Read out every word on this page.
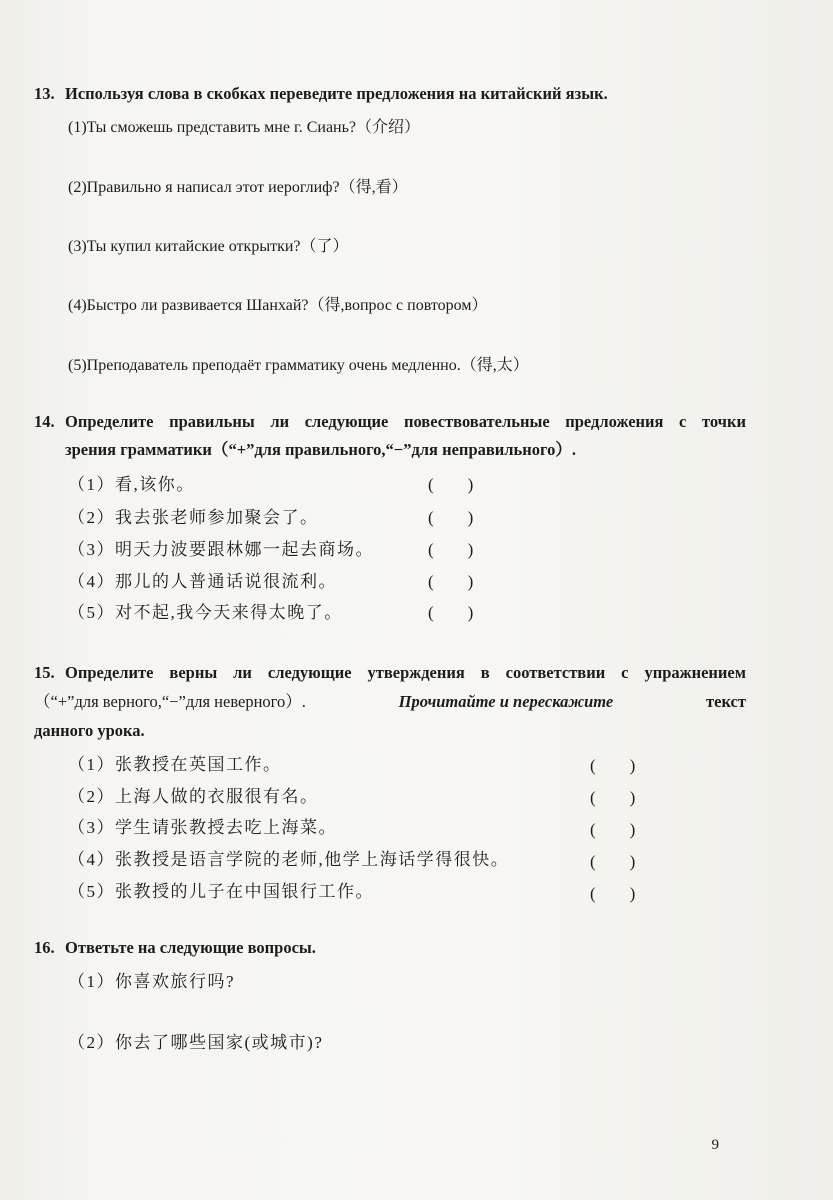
13. Используя слова в скобках переведите предложения на китайский язык.
(1)Ты сможешь представить мне г. Сиань?（介绍）
(2)Правильно я написал этот иероглиф?（得,看）
(3)Ты купил китайские открытки?（了）
(4)Быстро ли развивается Шанхай?（得,вопрос с повтором）
(5)Преподаватель преподаёт грамматику очень медленно.（得,太）
14. Определите правильны ли следующие повествовательные предложения с точки
зрения грамматики（“+”для правильного,“−”для неправильного）.
（1）看,该你。
（2）我去张老师参加聚会了。
（3）明天力波要跟林娜一起去商场。
（4）那儿的人普通话说很流利。
（5）对不起,我今天来得太晚了。
(　　)
(　　)
(　　)
(　　)
(　　)
15. Определите верны ли следующие утверждения в соответствии с упражнением
（“+”для верного,“−”для неверного）.	Прочитайте и перескажите	текст
данного урока.
（1）张教授在英国工作。
（2）上海人做的衣服很有名。
（3）学生请张教授去吃上海菜。
（4）张教授是语言学院的老师,他学上海话学得很快。
（5）张教授的儿子在中国银行工作。
(　　)
(　　)
(　　)
(　　)
(　　)
16. Ответьте на следующие вопросы.
（1）你喜欢旅行吗?
（2）你去了哪些国家(或城市)?
9
